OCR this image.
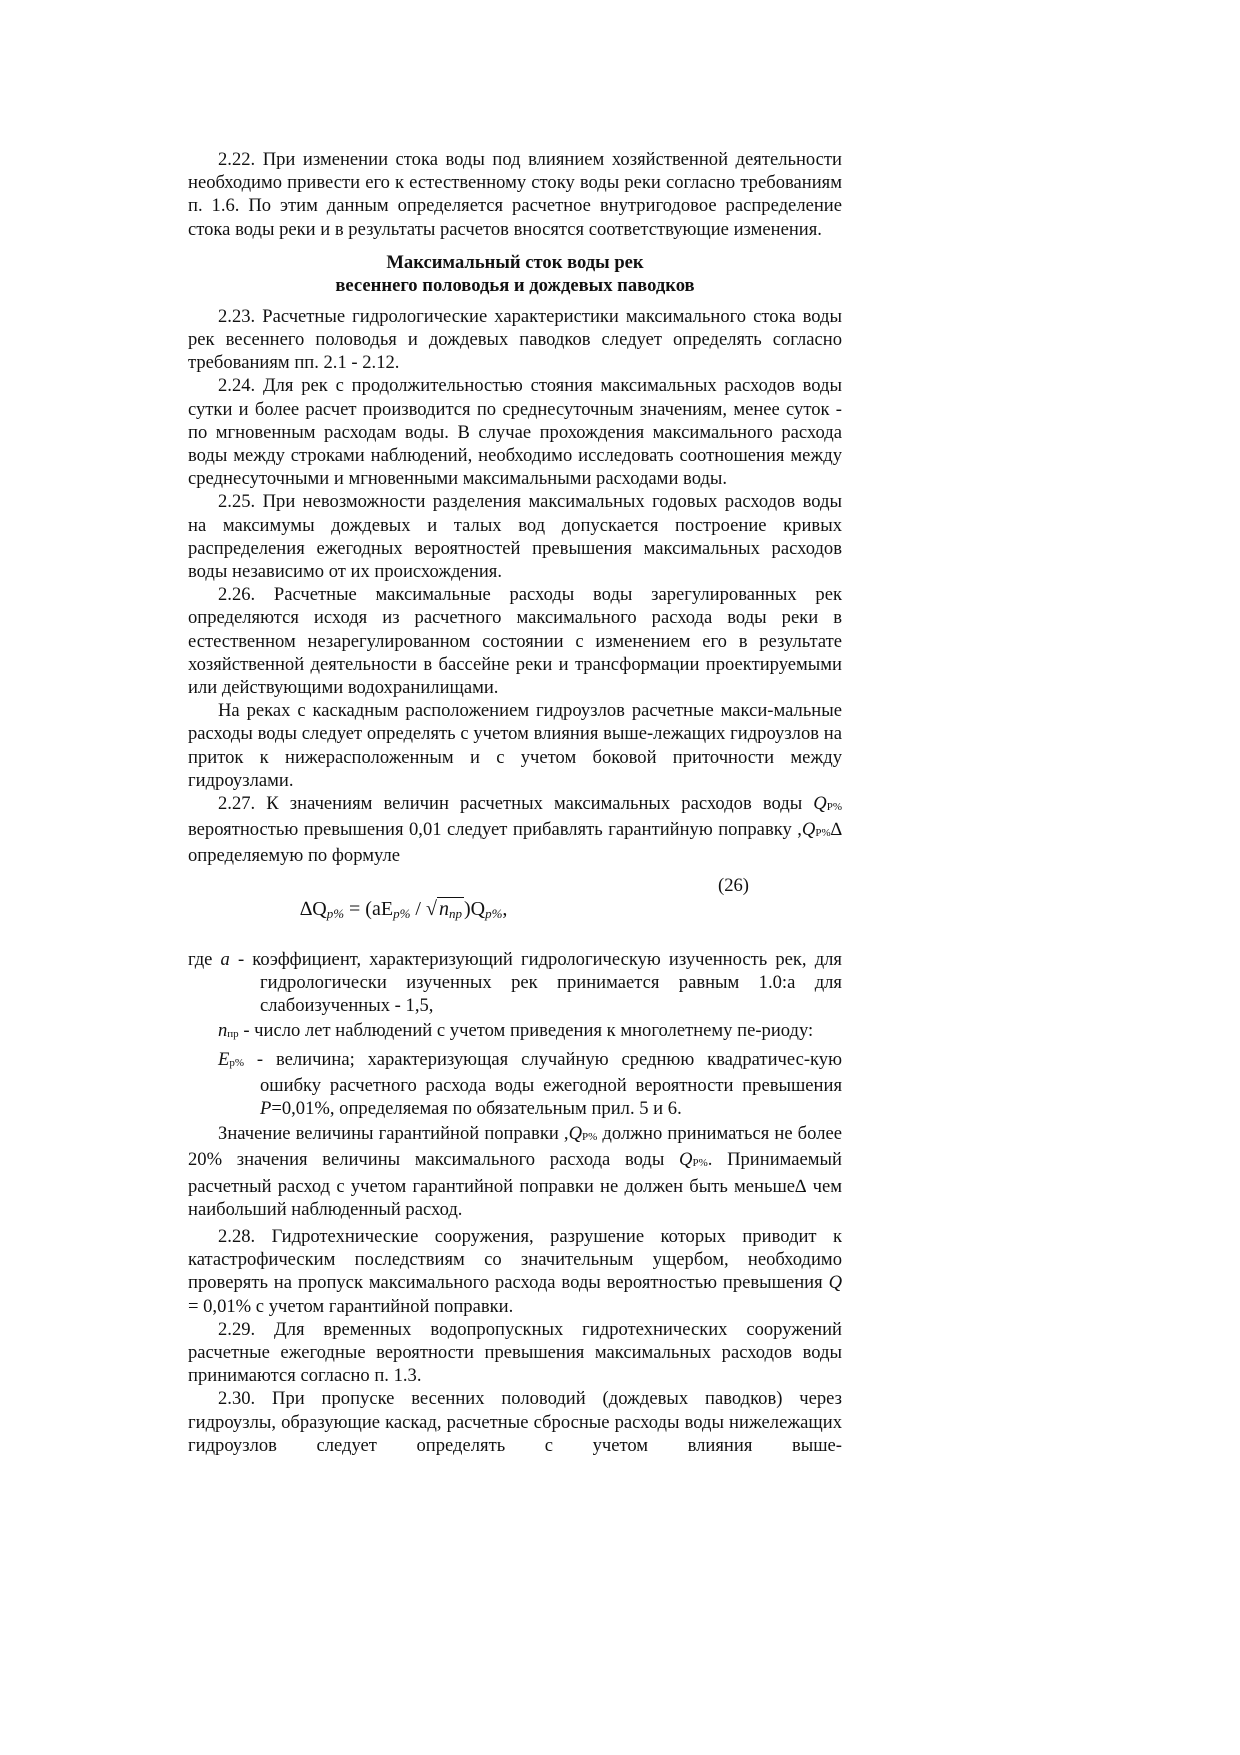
2.22. При изменении стока воды под влиянием хозяйственной деятельности необходимо привести его к естественному стоку воды реки согласно требованиям п. 1.6. По этим данным определяется расчетное внутригодовое распределение стока воды реки и в результаты расчетов вносятся соответствующие изменения.

Максимальный сток воды рек
весеннего половодья и дождевых паводков

2.23. Расчетные гидрологические характеристики максимального стока воды рек весеннего половодья и дождевых паводков следует определять согласно требованиям пп. 2.1 - 2.12.

2.24. Для рек с продолжительностью стояния максимальных расходов воды сутки и более расчет производится по среднесуточным значениям, менее суток - по мгновенным расходам воды. В случае прохождения максимального расхода воды между строками наблюдений, необходимо исследовать соотношения между среднесуточными и мгновенными максимальными расходами воды.

2.25. При невозможности разделения максимальных годовых расходов воды на максимумы дождевых и талых вод допускается построение кривых распределения ежегодных вероятностей превышения максимальных расходов воды независимо от их происхождения.

2.26. Расчетные максимальные расходы воды зарегулированных рек определяются исходя из расчетного максимального расхода воды реки в естественном незарегулированном состоянии с изменением его в результате хозяйственной деятельности в бассейне реки и трансформации проектируемыми или действующими водохранилищами.

На реках с каскадным расположением гидроузлов расчетные макси-мальные расходы воды следует определять с учетом влияния выше-лежащих гидроузлов на приток к нижерасположенным и с учетом боковой приточности между гидроузлами.

2.27. К значениям величин расчетных максимальных расходов воды $Q_{P\%}$ вероятностью превышения 0,01 следует прибавлять гарантийную поправку $,Q_{P\%}\Delta$ определяемую по формуле

(26)
$\Delta Q_{p\%} = (aE_{p\%}$ / √ $n_{пр}$ )$Q_{p\%}$,

где a - коэффициент, характеризующий гидрологическую изученность рек, для гидрологически изученных рек принимается равным 1.0:а для слабоизученных - 1,5,

$n_{пр}$ - число лет наблюдений с учетом приведения к многолетнему пе-риоду:

$E_{р\%}$ - величина; характеризующая случайную среднюю квадратичес-кую ошибку расчетного расхода воды ежегодной вероятности превышения P=0,01%, определяемая по обязательным прил. 5 и 6.

Значение величины гарантийной поправки $,Q_{P\%}$ должно приниматься не более 20% значения величины максимального расхода воды $Q_{P\%}$. Принимаемый расчетный расход с учетом гарантийной поправки не должен быть меньше∆ чем наибольший наблюденный расход.

2.28. Гидротехнические сооружения, разрушение которых приводит к катастрофическим последствиям со значительным ущербом, необходимо проверять на пропуск максимального расхода воды вероятностью превышения Q = 0,01% с учетом гарантийной поправки.

2.29. Для временных водопропускных гидротехнических сооружений расчетные ежегодные вероятности превышения максимальных расходов воды принимаются согласно п. 1.3.

2.30. При пропуске весенних половодий (дождевых паводков) через гидроузлы, образующие каскад, расчетные сбросные расходы воды нижележащих гидроузлов следует определять с учетом влияния выше-
